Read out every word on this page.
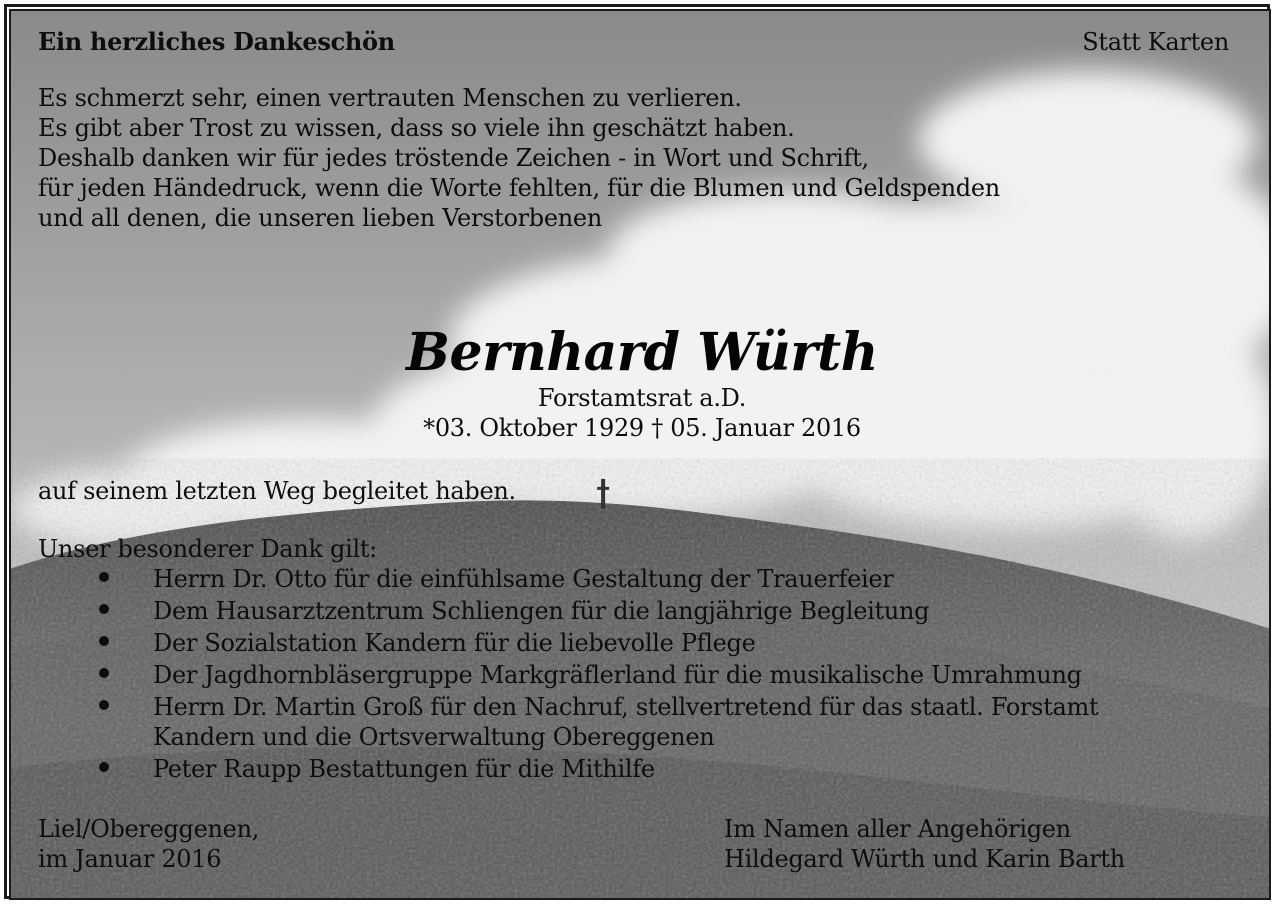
Ein herzliches Dankeschön	Statt Karten
Es schmerzt sehr, einen vertrauten Menschen zu verlieren.
Es gibt aber Trost zu wissen, dass so viele ihn geschätzt haben.
Deshalb danken wir für jedes tröstende Zeichen - in Wort und Schrift,
für jeden Händedruck, wenn die Worte fehlten, für die Blumen und Geldspenden
und all denen, die unseren lieben Verstorbenen
Bernhard Würth
Forstamtsrat a.D.
*03. Oktober 1929 † 05. Januar 2016
auf seinem letzten Weg begleitet haben.
Unser besonderer Dank gilt:
Herrn Dr. Otto für die einfühlsame Gestaltung der Trauerfeier
Dem Hausarztzentrum Schliengen für die langjährige Begleitung
Der Sozialstation Kandern für die liebevolle Pflege
Der Jagdhornbläsergruppe Markgräflerland für die musikalische Umrahmung
Herrn Dr. Martin Groß für den Nachruf, stellvertretend für das staatl. Forstamt
Kandern und die Ortsverwaltung Obereggenen
Peter Raupp Bestattungen für die Mithilfe
Liel/Obereggenen,
im Januar 2016
Im Namen aller Angehörigen
Hildegard Würth und Karin Barth
